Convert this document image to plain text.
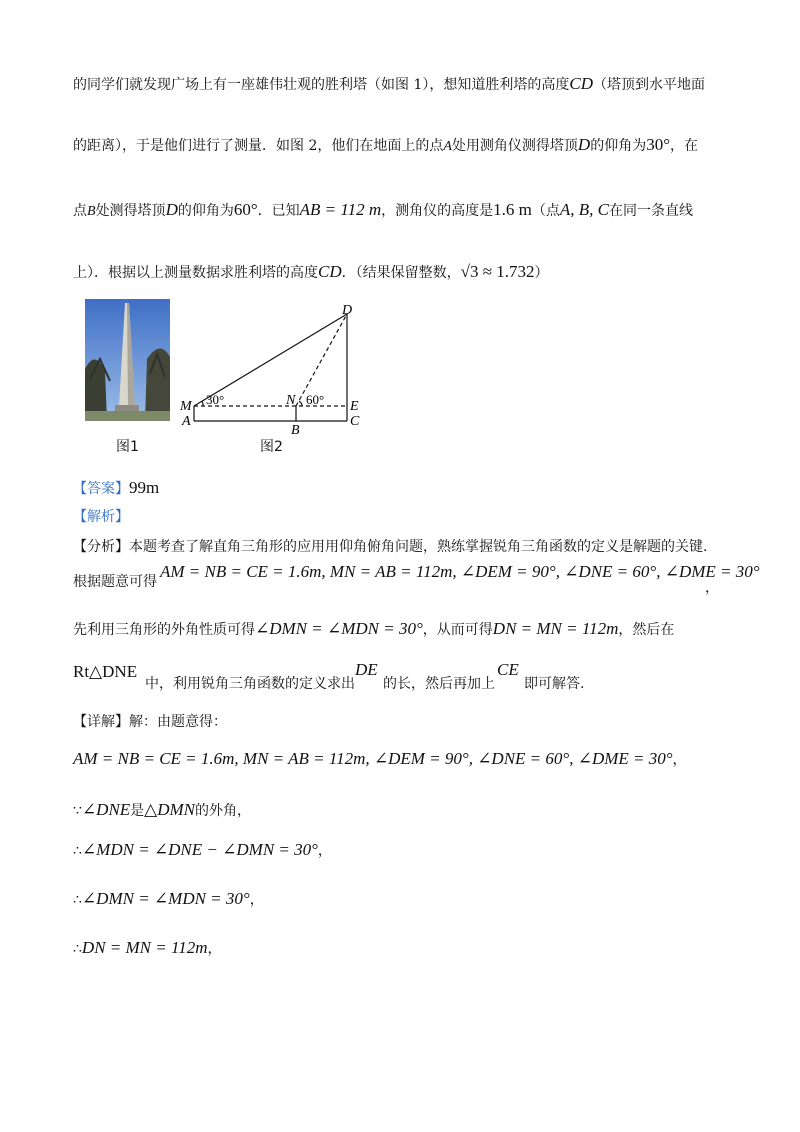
的同学们就发现广场上有一座雄伟壮观的胜利塔（如图 1），想知道胜利塔的高度CD（塔顶到水平地面
的距离），于是他们进行了测量．如图 2，他们在地面上的点A处用测角仪测得塔顶D的仰角为30°，在
点B处测得塔顶D的仰角为60°．已知AB = 112 m，测角仪的高度是1.6 m（点A, B, C在同一条直线
上）．根据以上测量数据求胜利塔的高度CD．（结果保留整数，√3 ≈ 1.732）
图1
D
M
A
30°	N 60°
B
E
C
图2
【答案】99m
【解析】
【分析】本题考查了解直角三角形的应用用仰角俯角问题，熟练掌握锐角三角函数的定义是解题的关键.
根据题意可得
AM = NB = CE = 1.6m, MN = AB = 112m, ∠DEM = 90°, ∠DNE = 60°, ∠DME = 30°
，
先利用三角形的外角性质可得∠DMN = ∠MDN = 30°，从而可得DN = MN = 112m，然后在
Rt△DNE
中，利用锐角三角函数的定义求出
DE
的长，然后再加上
CE
即可解答.
【详解】解：由题意得：
AM = NB = CE = 1.6m, MN = AB = 112m, ∠DEM = 90°, ∠DNE = 60°, ∠DME = 30°，
∵∠DNE是△DMN的外角，
∴∠MDN = ∠DNE − ∠DMN = 30°，
∴∠DMN = ∠MDN = 30°，
∴DN = MN = 112m，
